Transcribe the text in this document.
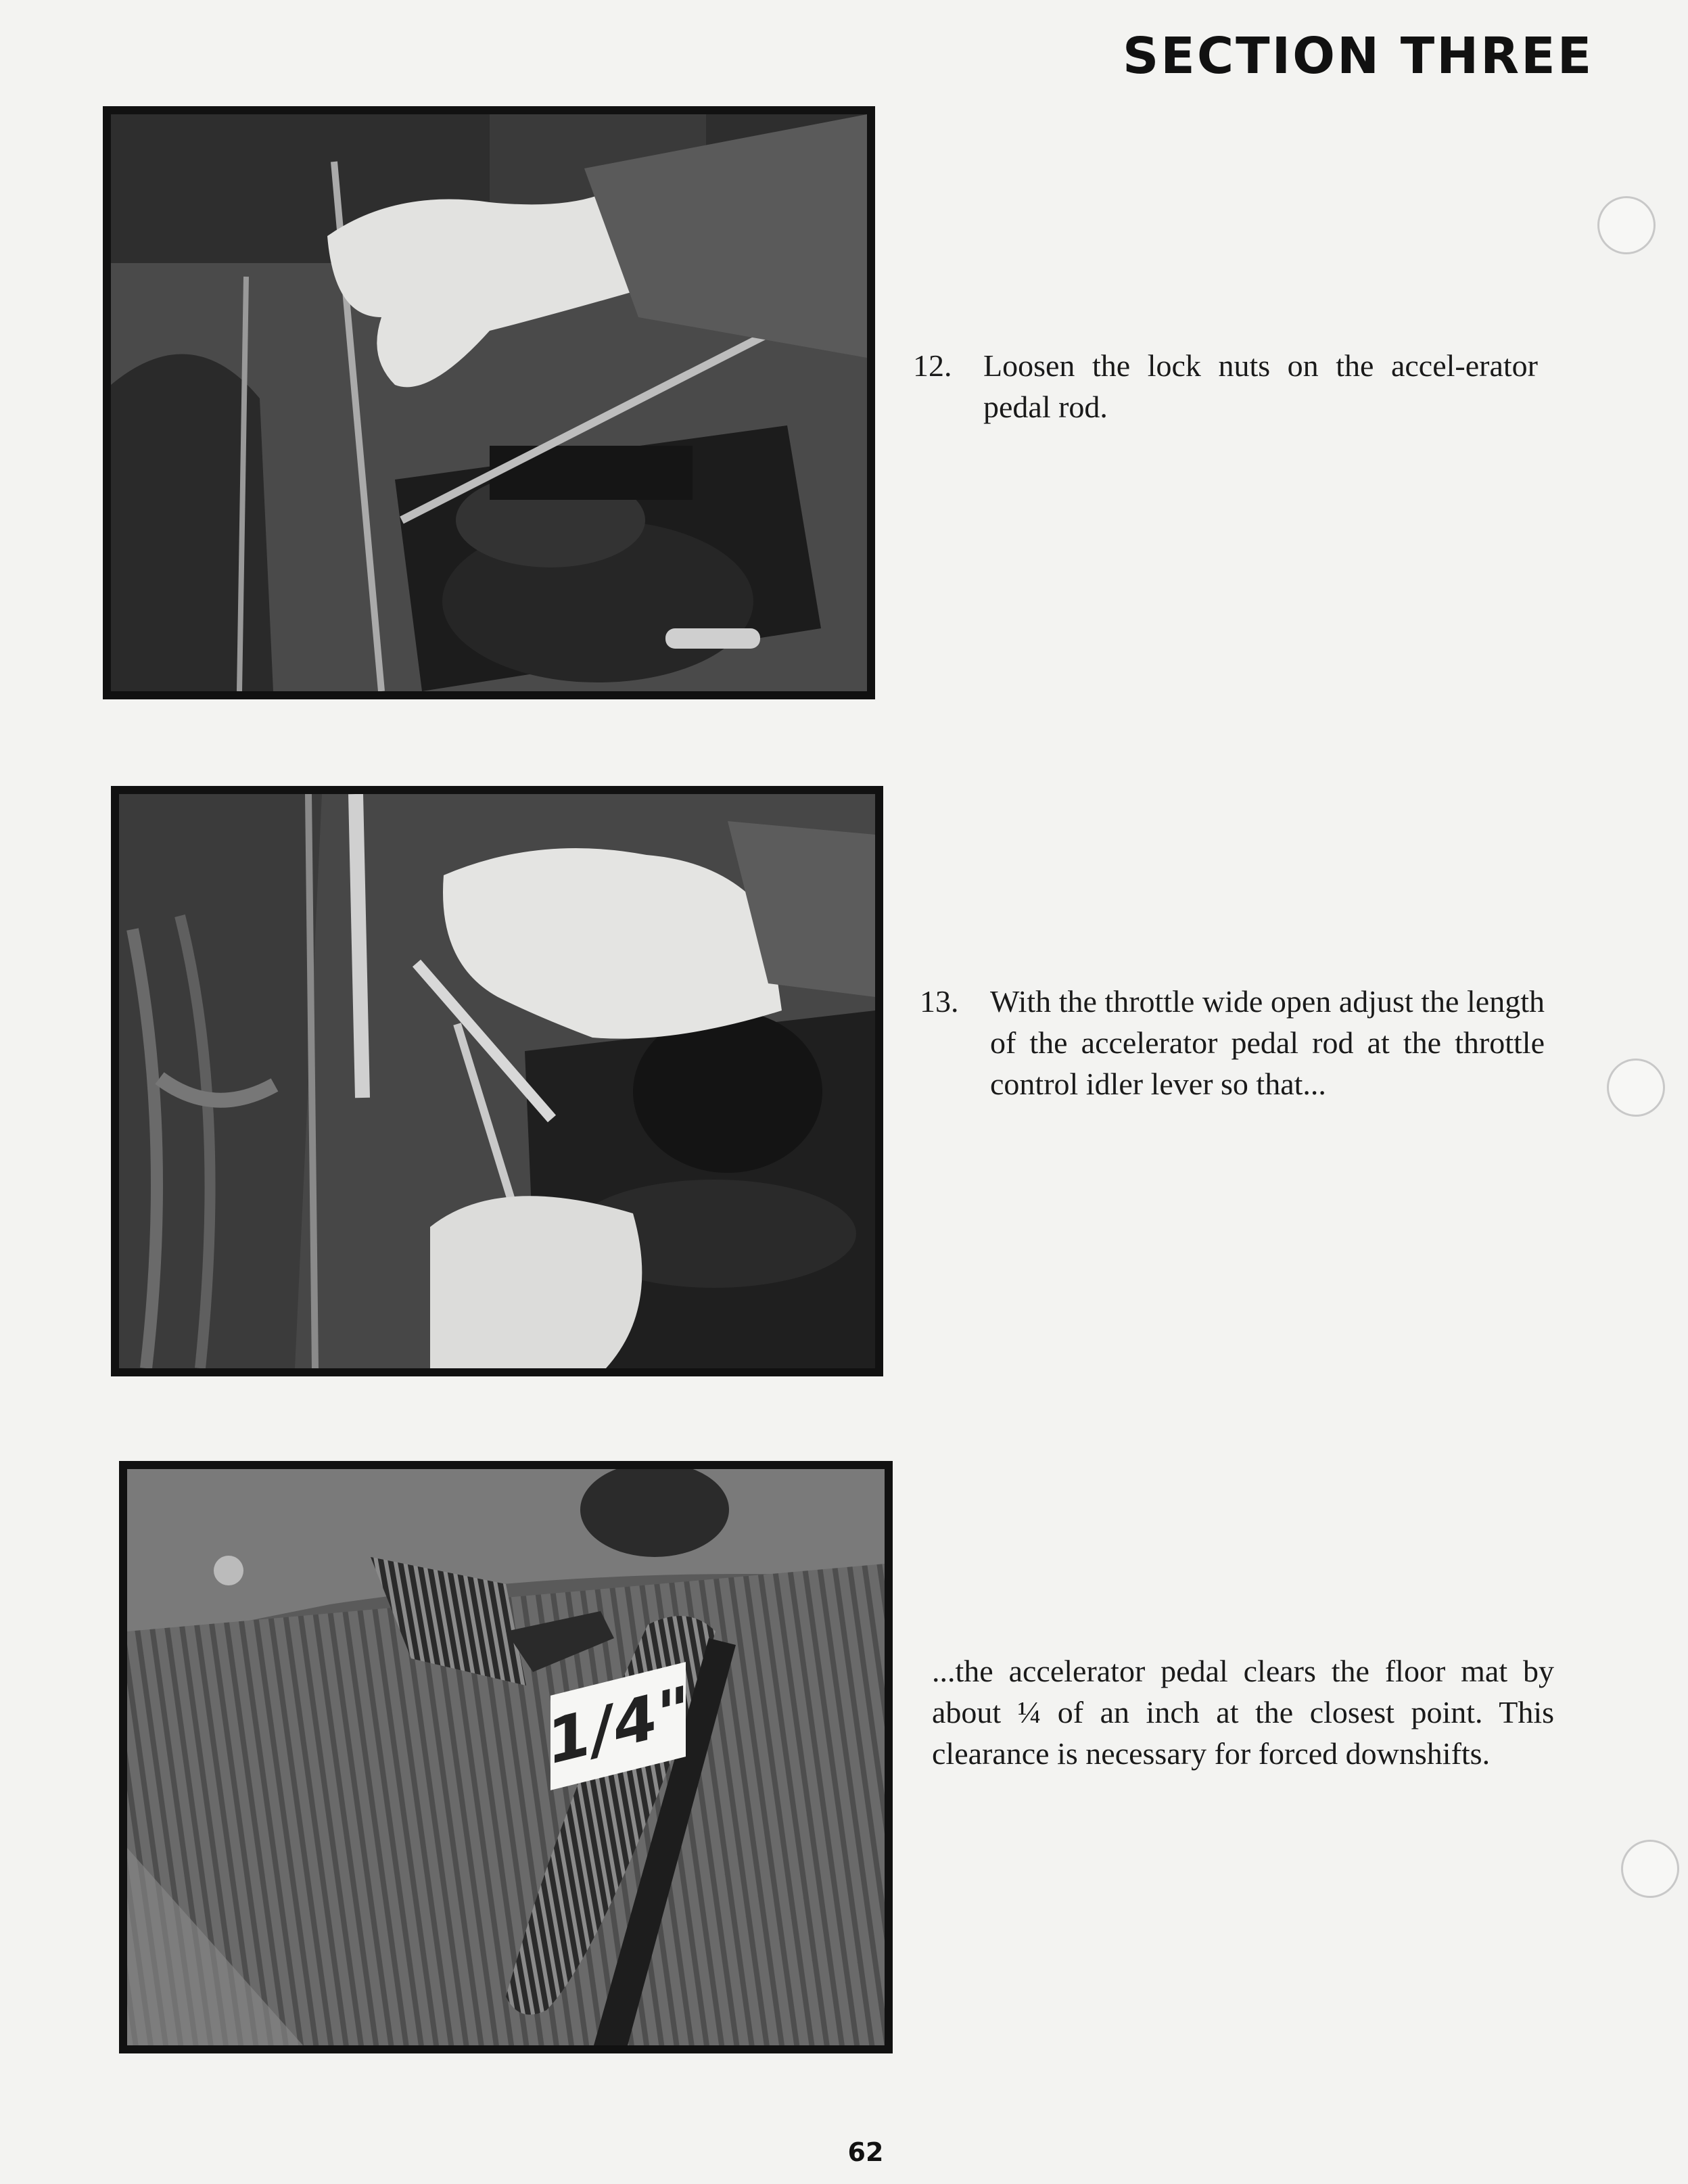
SECTION THREE
12. Loosen the lock nuts on the accel-erator pedal rod.
13. With the throttle wide open adjust the length of the accelerator pedal rod at the throttle control idler lever so that...
1/4"
...the accelerator pedal clears the floor mat by about ¼ of an inch at the closest point. This clearance is necessary for forced downshifts.
62
